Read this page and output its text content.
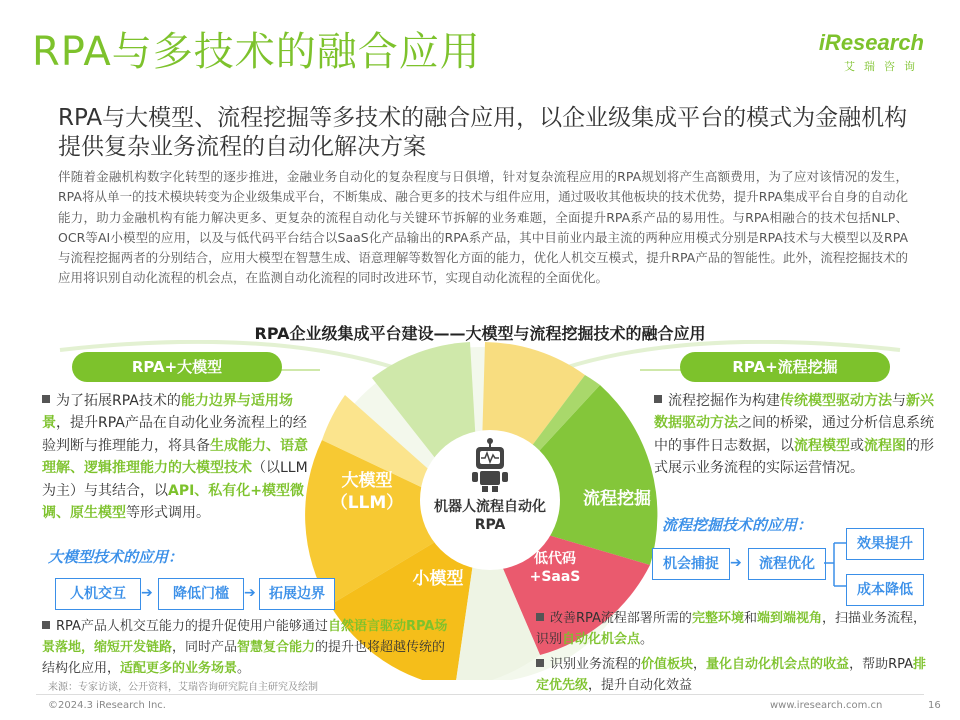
RPA与多技术的融合应用	iResearch
艾瑞咨询
RPA与大模型、流程挖掘等多技术的融合应用，以企业级集成平台的模式为金融机构提供复杂业务流程的自动化解决方案
伴随着金融机构数字化转型的逐步推进，金融业务自动化的复杂程度与日俱增，针对复杂流程应用的RPA规划将产生高额费用，为了应对该情况的发生，RPA将从单一的技术模块转变为企业级集成平台，不断集成、融合更多的技术与组件应用，通过吸收其他板块的技术优势，提升RPA集成平台自身的自动化能力，助力金融机构有能力解决更多、更复杂的流程自动化与关键环节拆解的业务难题，全面提升RPA系产品的易用性。与RPA相融合的技术包括NLP、OCR等AI小模型的应用，以及与低代码平台结合以SaaS化产品输出的RPA系产品，其中目前业内最主流的两种应用模式分别是RPA技术与大模型以及RPA与流程挖掘两者的分别结合，应用大模型在智慧生成、语意理解等数智化方面的能力，优化人机交互模式，提升RPA产品的智能性。此外，流程挖掘技术的应用将识别自动化流程的机会点，在监测自动化流程的同时改进环节，实现自动化流程的全面优化。
RPA企业级集成平台建设——大模型与流程挖掘技术的融合应用
机器人流程自动化
RPA
大模型
（LLM）	流程挖掘
小模型
低代码
+SaaS
RPA+大模型	RPA+流程挖掘
为了拓展RPA技术的能力边界与适用场景，提升RPA产品在自动化业务流程上的经验判断与推理能力，将具备生成能力、语意理解、逻辑推理能力的大模型技术（以LLM为主）与其结合，以API、私有化+模型微调、原生模型等形式调用。
大模型技术的应用：
人机交互	➔	降低门槛	➔ 拓展边界
流程挖掘作为构建传统模型驱动方法与新兴数据驱动方法之间的桥梁，通过分析信息系统中的事件日志数据，以流程模型或流程图的形式展示业务流程的实际运营情况。
流程挖掘技术的应用：
机会捕捉 ➔	流程优化
效果提升
成本降低
RPA产品人机交互能力的提升促使用户能够通过自然语言驱动RPA场景落地，缩短开发链路，同时产品智慧复合能力的提升也将超越传统的结构化应用，适配更多的业务场景。
改善RPA流程部署所需的完整环境和端到端视角，扫描业务流程，识别自动化机会点。
识别业务流程的价值板块，量化自动化机会点的收益，帮助RPA排定优先级，提升自动化效益
来源：专家访谈，公开资料，艾瑞咨询研究院自主研究及绘制
©2024.3 iResearch Inc.	www.iresearch.com.cn	16
